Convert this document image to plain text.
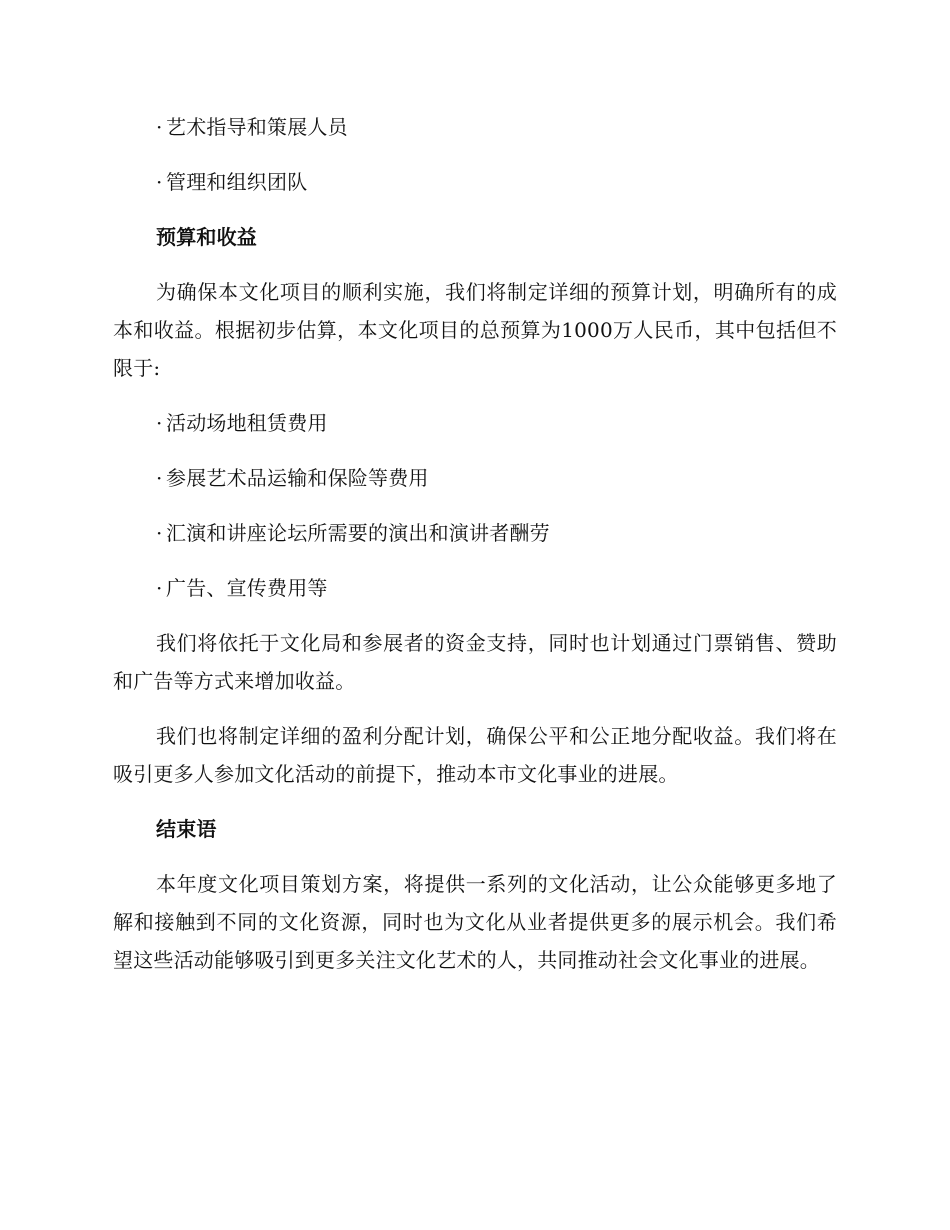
· 艺术指导和策展人员

· 管理和组织团队

预算和收益

为确保本文化项目的顺利实施，我们将制定详细的预算计划，明确所有的成本和收益。根据初步估算，本文化项目的总预算为1000万人民币，其中包括但不限于:

· 活动场地租赁费用

· 参展艺术品运输和保险等费用

· 汇演和讲座论坛所需要的演出和演讲者酬劳

· 广告、宣传费用等

我们将依托于文化局和参展者的资金支持，同时也计划通过门票销售、赞助和广告等方式来增加收益。

我们也将制定详细的盈利分配计划，确保公平和公正地分配收益。我们将在吸引更多人参加文化活动的前提下，推动本市文化事业的进展。

结束语

本年度文化项目策划方案，将提供一系列的文化活动，让公众能够更多地了解和接触到不同的文化资源，同时也为文化从业者提供更多的展示机会。我们希望这些活动能够吸引到更多关注文化艺术的人，共同推动社会文化事业的进展。
